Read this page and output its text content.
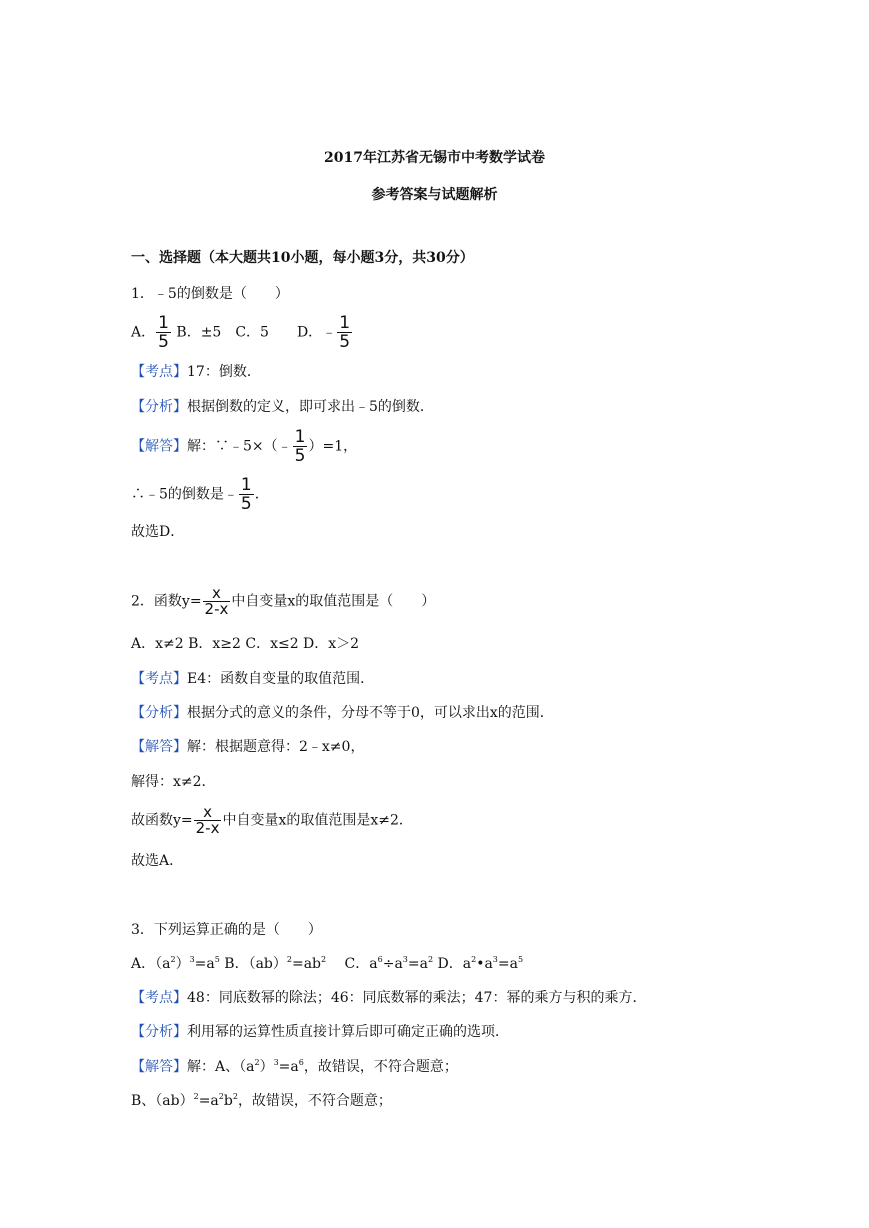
2017年江苏省无锡市中考数学试卷
参考答案与试题解析
一、选择题（本大题共10小题，每小题3分，共30分）
1．﹣5的倒数是（　　）
A． $\frac{1}{5}$ B．±5　C．5　　D．﹣ $\frac{1}{5}$
【考点】17：倒数．
【分析】根据倒数的定义，即可求出﹣5的倒数．
【解答】解：∵﹣5×（﹣ $\frac{1}{5} )=1$，
∴﹣5的倒数是﹣ $\frac{1}{5}$ ．
故选D．
2．函数$y= \frac{x}{2-x}$ 中自变量x的取值范围是（　　）
A．x≠2 B．x≥2 C．x≤2 D．x＞2
【考点】E4：函数自变量的取值范围．
【分析】根据分式的意义的条件，分母不等于0，可以求出x的范围．
【解答】解：根据题意得：2﹣x≠0，
解得：x≠2．
故函数$y= \frac{x}{2-x}$ 中自变量x的取值范围是x≠2．
故选A．
3．下列运算正确的是（　　）
A．$(a^2)^3=a^5$ B．$(ab)^2=ab^2$　 C．$a^6\div a^3=a^2$ D．$a^2•a^3=a^5$
【考点】48：同底数幂的除法；46：同底数幂的乘法；47：幂的乘方与积的乘方．
【分析】利用幂的运算性质直接计算后即可确定正确的选项．
【解答】解：A、$(a^2)^3=a^6$，故错误，不符合题意；
B、$(ab)^2=a^2b^2$，故错误，不符合题意；
